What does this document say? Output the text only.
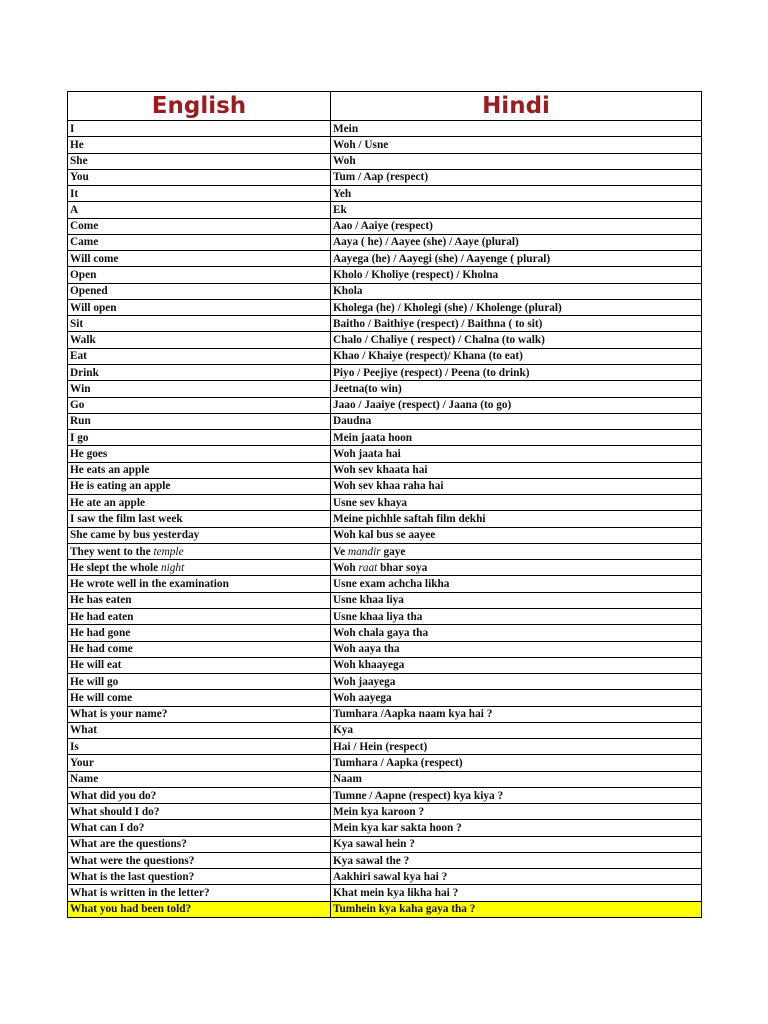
English	Hindi
I	Mein
He	Woh / Usne
She	Woh
You	Tum / Aap (respect)
It	Yeh
A	Ek
Come	Aao / Aaiye (respect)
Came	Aaya ( he) / Aayee (she) / Aaye (plural)
Will come	Aayega (he) / Aayegi (she) / Aayenge ( plural)
Open	Kholo / Kholiye (respect) / Kholna
Opened	Khola
Will open	Kholega (he) / Kholegi (she) / Kholenge (plural)
Sit	Baitho / Baithiye (respect) / Baithna ( to sit)
Walk	Chalo / Chaliye ( respect) / Chalna (to walk)
Eat	Khao / Khaiye (respect)/ Khana (to eat)
Drink	Piyo / Peejiye (respect) / Peena (to drink)
Win	Jeetna(to win)
Go	Jaao / Jaaiye (respect) / Jaana (to go)
Run	Daudna
I go	Mein jaata hoon
He goes	Woh jaata hai
He eats an apple	Woh sev khaata hai
He is eating an apple	Woh sev khaa raha hai
He ate an apple	Usne sev khaya
I saw the film last week	Meine pichhle saftah film dekhi
She came by bus yesterday	Woh kal bus se aayee
They went to the temple	Ve mandir gaye
He slept the whole night	Woh raat bhar soya
He wrote well in the examination	Usne exam achcha likha
He has eaten	Usne khaa liya
He had eaten	Usne khaa liya tha
He had gone	Woh chala gaya tha
He had come	Woh aaya tha
He will eat	Woh khaayega
He will go	Woh jaayega
He will come	Woh aayega
What is your name?	Tumhara /Aapka naam kya hai ?
What	Kya
Is	Hai / Hein (respect)
Your	Tumhara / Aapka (respect)
Name	Naam
What did you do?	Tumne / Aapne (respect) kya kiya ?
What should I do?	Mein kya karoon ?
What can I do?	Mein kya kar sakta hoon ?
What are the questions?	Kya sawal hein ?
What were the questions?	Kya sawal the ?
What is the last question?	Aakhiri sawal kya hai ?
What is written in the letter?	Khat mein kya likha hai ?
What you had been told?	Tumhein kya kaha gaya tha ?
